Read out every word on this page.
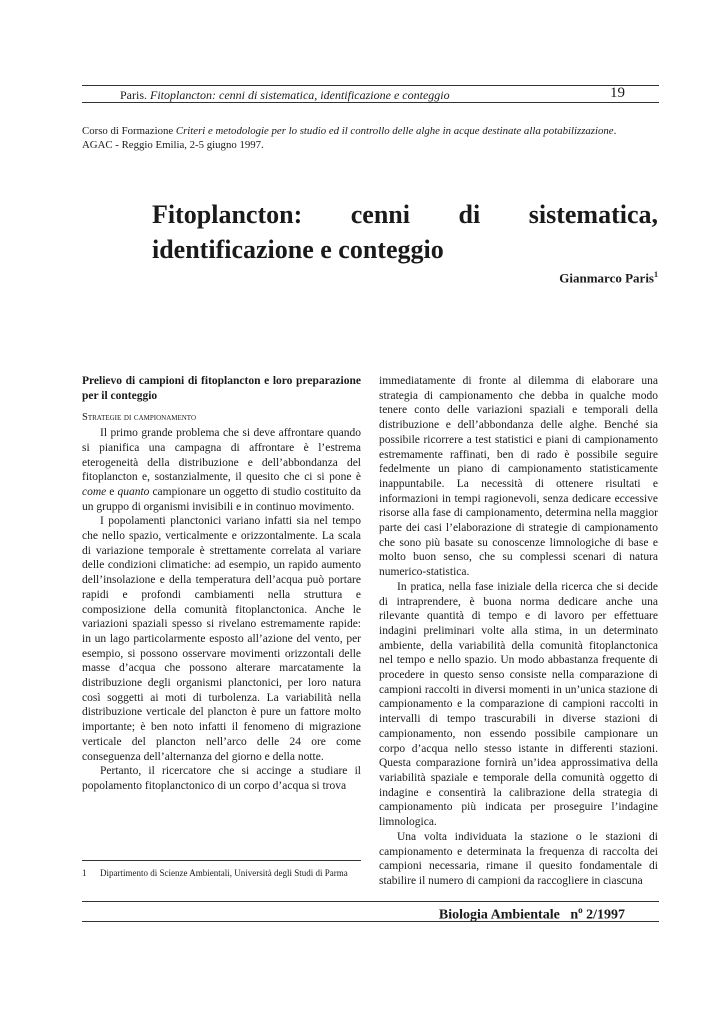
Paris. Fitoplancton: cenni di sistematica, identificazione e conteggio	19
Corso di Formazione Criteri e metodologie per lo studio ed il controllo delle alghe in acque destinate alla potabilizzazione.
AGAC - Reggio Emilia, 2-5 giugno 1997.
Fitoplancton: cenni di sistematica, identificazione e conteggio
Gianmarco Paris$^1$

Prelievo di campioni di fitoplancton e loro preparazione per il conteggio

Strategie di campionamento

Il primo grande problema che si deve affrontare quando si pianifica una campagna di affrontare è l’estrema eterogeneità della distribuzione e dell’abbondanza del fitoplancton e, sostanzialmente, il quesito che ci si pone è come e quanto campionare un oggetto di studio costituito da un gruppo di organismi invisibili e in continuo movimento.

I popolamenti planctonici variano infatti sia nel tempo che nello spazio, verticalmente e orizzontalmente. La scala di variazione temporale è strettamente correlata al variare delle condizioni climatiche: ad esempio, un rapido aumento dell’insolazione e della temperatura dell’acqua può portare rapidi e profondi cambiamenti nella struttura e composizione della comunità fitoplanctonica. Anche le variazioni spaziali spesso si rivelano estremamente rapide: in un lago particolarmente esposto all’azione del vento, per esempio, si possono osservare movimenti orizzontali delle masse d’acqua che possono alterare marcatamente la distribuzione degli organismi planctonici, per loro natura così soggetti ai moti di turbolenza. La variabilità nella distribuzione verticale del plancton è pure un fattore molto importante; è ben noto infatti il fenomeno di migrazione verticale del plancton nell’arco delle 24 ore come conseguenza dell’alternanza del giorno e della notte.

Pertanto, il ricercatore che si accinge a studiare il popolamento fitoplanctonico di un corpo d’acqua si trova

immediatamente di fronte al dilemma di elaborare una strategia di campionamento che debba in qualche modo tenere conto delle variazioni spaziali e temporali della distribuzione e dell’abbondanza delle alghe. Benché sia possibile ricorrere a test statistici e piani di campionamento estremamente raffinati, ben di rado è possibile seguire fedelmente un piano di campionamento statisticamente inappuntabile. La necessità di ottenere risultati e informazioni in tempi ragionevoli, senza dedicare eccessive risorse alla fase di campionamento, determina nella maggior parte dei casi l’elaborazione di strategie di campionamento che sono più basate su conoscenze limnologiche di base e molto buon senso, che su complessi scenari di natura numerico-statistica.

In pratica, nella fase iniziale della ricerca che si decide di intraprendere, è buona norma dedicare anche una rilevante quantità di tempo e di lavoro per effettuare indagini preliminari volte alla stima, in un determinato ambiente, della variabilità della comunità fitoplanctonica nel tempo e nello spazio. Un modo abbastanza frequente di procedere in questo senso consiste nella comparazione di campioni raccolti in diversi momenti in un’unica stazione di campionamento e la comparazione di campioni raccolti in intervalli di tempo trascurabili in diverse stazioni di campionamento, non essendo possibile campionare un corpo d’acqua nello stesso istante in differenti stazioni. Questa comparazione fornirà un’idea approssimativa della variabilità spaziale e temporale della comunità oggetto di indagine e consentirà la calibrazione della strategia di campionamento più indicata per proseguire l’indagine limnologica.

Una volta individuata la stazione o le stazioni di campionamento e determinata la frequenza di raccolta dei campioni necessaria, rimane il quesito fondamentale di stabilire il numero di campioni da raccogliere in ciascuna

1 Dipartimento di Scienze Ambientali, Università degli Studi di Parma
Biologia Ambientale $n^o$ 2/1997
